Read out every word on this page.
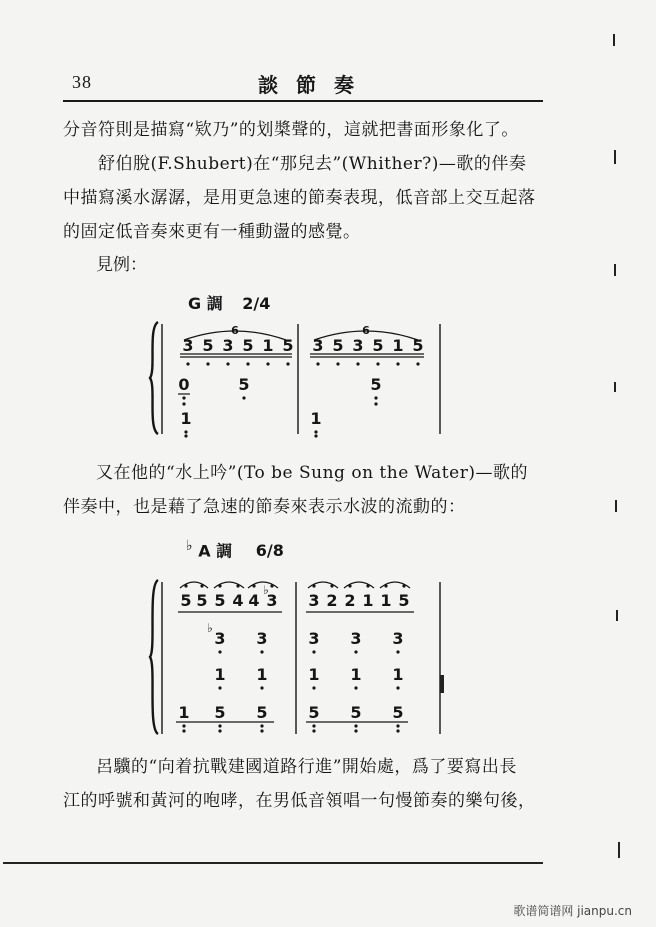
38	談節奏

分音符則是描寫“欵乃”的划槳聲的，這就把書面形象化了。

舒伯脫(F.Shubert)在“那兒去”(Whither?)—歌的伴奏
中描寫溪水潺潺，是用更急速的節奏表現，低音部上交互起落
的固定低音奏來更有一種動盪的感覺。

見例：
G 調 2/4
6	6
3 5 3 5 1 5 3 5 3 5 1 5
0	5	5
1	1

又在他的“水上吟”(To be Sung on the Water)—歌的
伴奏中，也是藉了急速的節奏來表示水波的流動的：

♭ A 調 6/8
5 5 5 4 4 3 3 2 2 1 1 5
♭
3 3	3 3 3
♭
1 1	1 1 1
1 5 5	5 5 5

呂驥的“向着抗戰建國道路行進”開始處，爲了要寫出長
江的呼號和黃河的咆哮，在男低音領唱一句慢節奏的樂句後，

歌谱简谱网 jianpu.cn
